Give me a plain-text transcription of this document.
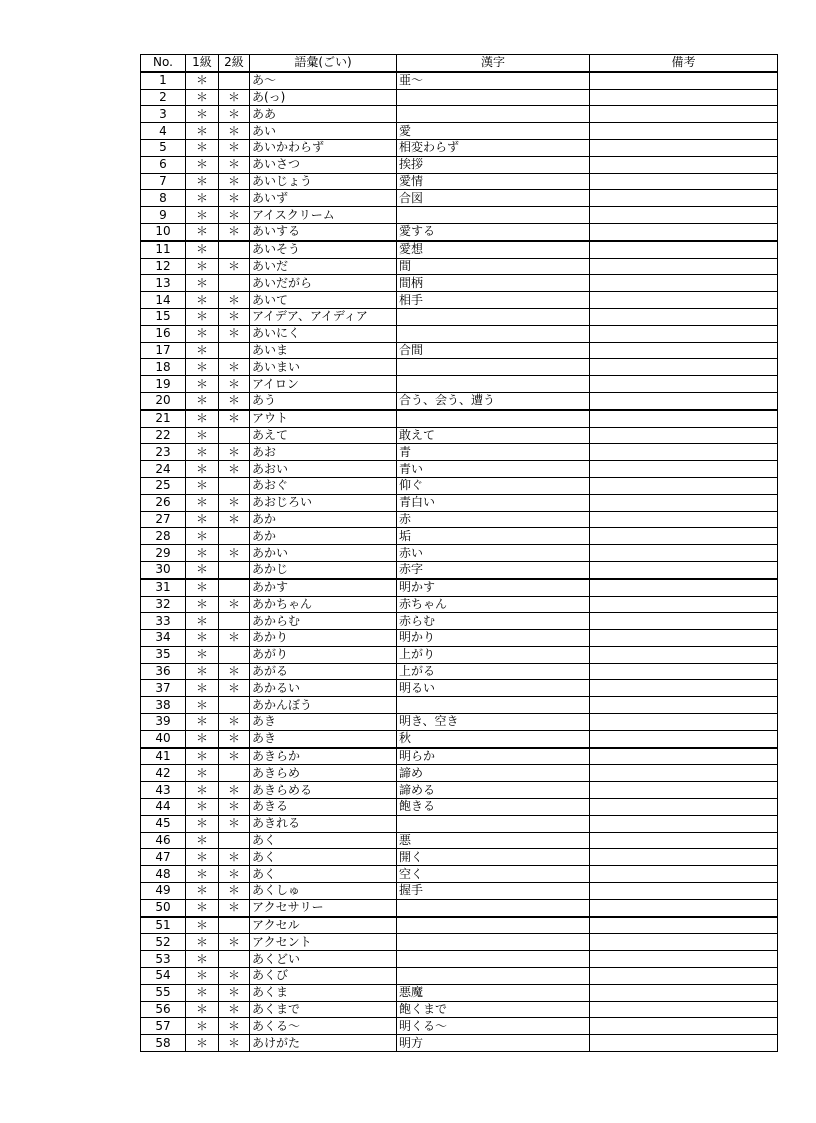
No.	1級	2級	語彙(ごい)	漢字	備考
1	＊		あ～	亜～	
2	＊	＊	あ(っ)		
3	＊	＊	ああ		
4	＊	＊	あい	愛	
5	＊	＊	あいかわらず	相変わらず	
6	＊	＊	あいさつ	挨拶	
7	＊	＊	あいじょう	愛情	
8	＊	＊	あいず	合図	
9	＊	＊	アイスクリーム		
10	＊	＊	あいする	愛する	
11	＊		あいそう	愛想	
12	＊	＊	あいだ	間	
13	＊		あいだがら	間柄	
14	＊	＊	あいて	相手	
15	＊	＊	アイデア、アイディア		
16	＊	＊	あいにく		
17	＊		あいま	合間	
18	＊	＊	あいまい		
19	＊	＊	アイロン		
20	＊	＊	あう	合う、会う、遭う	
21	＊	＊	アウト		
22	＊		あえて	敢えて	
23	＊	＊	あお	青	
24	＊	＊	あおい	青い	
25	＊		あおぐ	仰ぐ	
26	＊	＊	あおじろい	青白い	
27	＊	＊	あか	赤	
28	＊		あか	垢	
29	＊	＊	あかい	赤い	
30	＊		あかじ	赤字	
31	＊		あかす	明かす	
32	＊	＊	あかちゃん	赤ちゃん	
33	＊		あからむ	赤らむ	
34	＊	＊	あかり	明かり	
35	＊		あがり	上がり	
36	＊	＊	あがる	上がる	
37	＊	＊	あかるい	明るい	
38	＊		あかんぼう		
39	＊	＊	あき	明き、空き	
40	＊	＊	あき	秋	
41	＊	＊	あきらか	明らか	
42	＊		あきらめ	諦め	
43	＊	＊	あきらめる	諦める	
44	＊	＊	あきる	飽きる	
45	＊	＊	あきれる		
46	＊		あく	悪	
47	＊	＊	あく	開く	
48	＊	＊	あく	空く	
49	＊	＊	あくしゅ	握手	
50	＊	＊	アクセサリー		
51	＊		アクセル		
52	＊	＊	アクセント		
53	＊		あくどい		
54	＊	＊	あくび		
55	＊	＊	あくま	悪魔	
56	＊	＊	あくまで	飽くまで	
57	＊	＊	あくる～	明くる～	
58	＊	＊	あけがた	明方	
